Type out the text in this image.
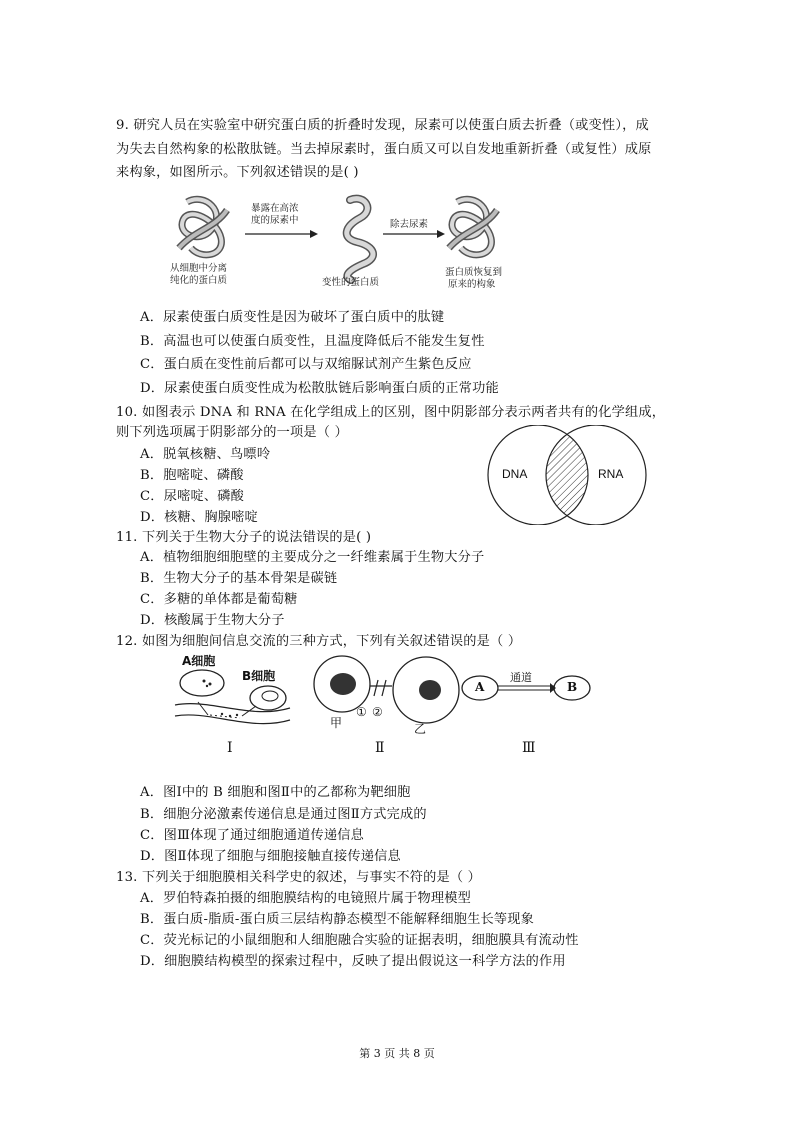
9. 研究人员在实验室中研究蛋白质的折叠时发现，尿素可以使蛋白质去折叠（或变性），成
为失去自然构象的松散肽链。当去掉尿素时，蛋白质又可以自发地重新折叠（或复性）成原
来构象，如图所示。下列叙述错误的是( )
暴露在高浓
度的尿素中	除去尿素
从细胞中分离
纯化的蛋白质	变性的蛋白质
蛋白质恢复到
原来的构象
A．尿素使蛋白质变性是因为破坏了蛋白质中的肽键
B．高温也可以使蛋白质变性，且温度降低后不能发生复性
C．蛋白质在变性前后都可以与双缩脲试剂产生紫色反应
D．尿素使蛋白质变性成为松散肽链后影响蛋白质的正常功能
10. 如图表示 DNA 和 RNA 在化学组成上的区别，图中阴影部分表示两者共有的化学组成，
则下列选项属于阴影部分的一项是（ ）
A．脱氧核糖、鸟嘌呤
B．胞嘧啶、磷酸
C．尿嘧啶、磷酸
D．核糖、胸腺嘧啶
DNA	RNA
11. 下列关于生物大分子的说法错误的是( )
A．植物细胞细胞壁的主要成分之一纤维素属于生物大分子
B．生物大分子的基本骨架是碳链
C．多糖的单体都是葡萄糖
D．核酸属于生物大分子
12. 如图为细胞间信息交流的三种方式，下列有关叙述错误的是（ ）
A细胞
B细胞
甲
① ②
乙
A	B
通道
Ⅰ	Ⅱ	Ⅲ
A．图Ⅰ中的 B 细胞和图Ⅱ中的乙都称为靶细胞
B．细胞分泌激素传递信息是通过图Ⅱ方式完成的
C．图Ⅲ体现了通过细胞通道传递信息
D．图Ⅱ体现了细胞与细胞接触直接传递信息
13. 下列关于细胞膜相关科学史的叙述，与事实不符的是（ ）
A．罗伯特森拍摄的细胞膜结构的电镜照片属于物理模型
B．蛋白质-脂质-蛋白质三层结构静态模型不能解释细胞生长等现象
C．荧光标记的小鼠细胞和人细胞融合实验的证据表明，细胞膜具有流动性
D．细胞膜结构模型的探索过程中，反映了提出假说这一科学方法的作用
第 3 页 共 8 页
